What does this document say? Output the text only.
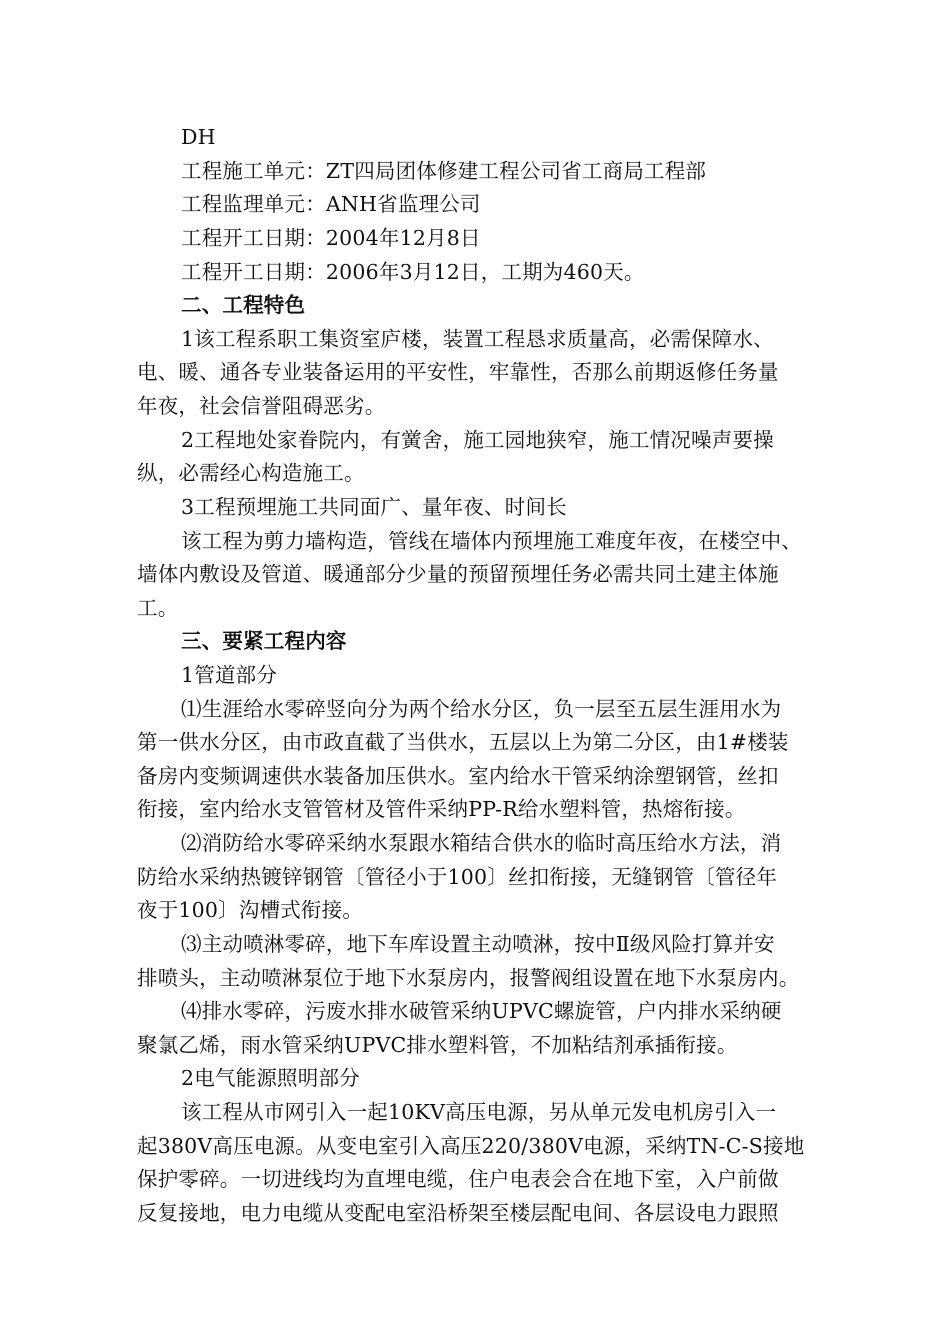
DH
工程施工单元：ZT四局团体修建工程公司省工商局工程部
工程监理单元：ANH省监理公司
工程开工日期：2004年12月8日
工程开工日期：2006年3月12日，工期为460天。
二、工程特色
1该工程系职工集资室庐楼，装置工程恳求质量高，必需保障水、
电、暖、通各专业装备运用的平安性，牢靠性，否那么前期返修任务量
年夜，社会信誉阻碍恶劣。
2工程地处家眷院内，有黉舍，施工园地狭窄，施工情况噪声要操
纵，必需经心构造施工。
3工程预埋施工共同面广、量年夜、时间长
该工程为剪力墙构造，管线在墙体内预埋施工难度年夜，在楼空中、
墙体内敷设及管道、暖通部分少量的预留预埋任务必需共同土建主体施
工。
三、要紧工程内容
1管道部分
⑴生涯给水零碎竖向分为两个给水分区，负一层至五层生涯用水为
第一供水分区，由市政直截了当供水，五层以上为第二分区，由1#楼装
备房内变频调速供水装备加压供水。室内给水干管采纳涂塑钢管，丝扣
衔接，室内给水支管管材及管件采纳PP-R给水塑料管，热熔衔接。
⑵消防给水零碎采纳水泵跟水箱结合供水的临时高压给水方法，消
防给水采纳热镀锌钢管〔管径小于100〕丝扣衔接，无缝钢管〔管径年
夜于100〕沟槽式衔接。
⑶主动喷淋零碎，地下车库设置主动喷淋，按中Ⅱ级风险打算并安
排喷头，主动喷淋泵位于地下水泵房内，报警阀组设置在地下水泵房内。
⑷排水零碎，污废水排水破管采纳UPVC螺旋管，户内排水采纳硬
聚氯乙烯，雨水管采纳UPVC排水塑料管，不加粘结剂承插衔接。
2电气能源照明部分
该工程从市网引入一起10KV高压电源，另从单元发电机房引入一
起380V高压电源。从变电室引入高压220/380V电源，采纳TN-C-S接地
保护零碎。一切进线均为直埋电缆，住户电表会合在地下室，入户前做
反复接地，电力电缆从变配电室沿桥架至楼层配电间、各层设电力跟照
